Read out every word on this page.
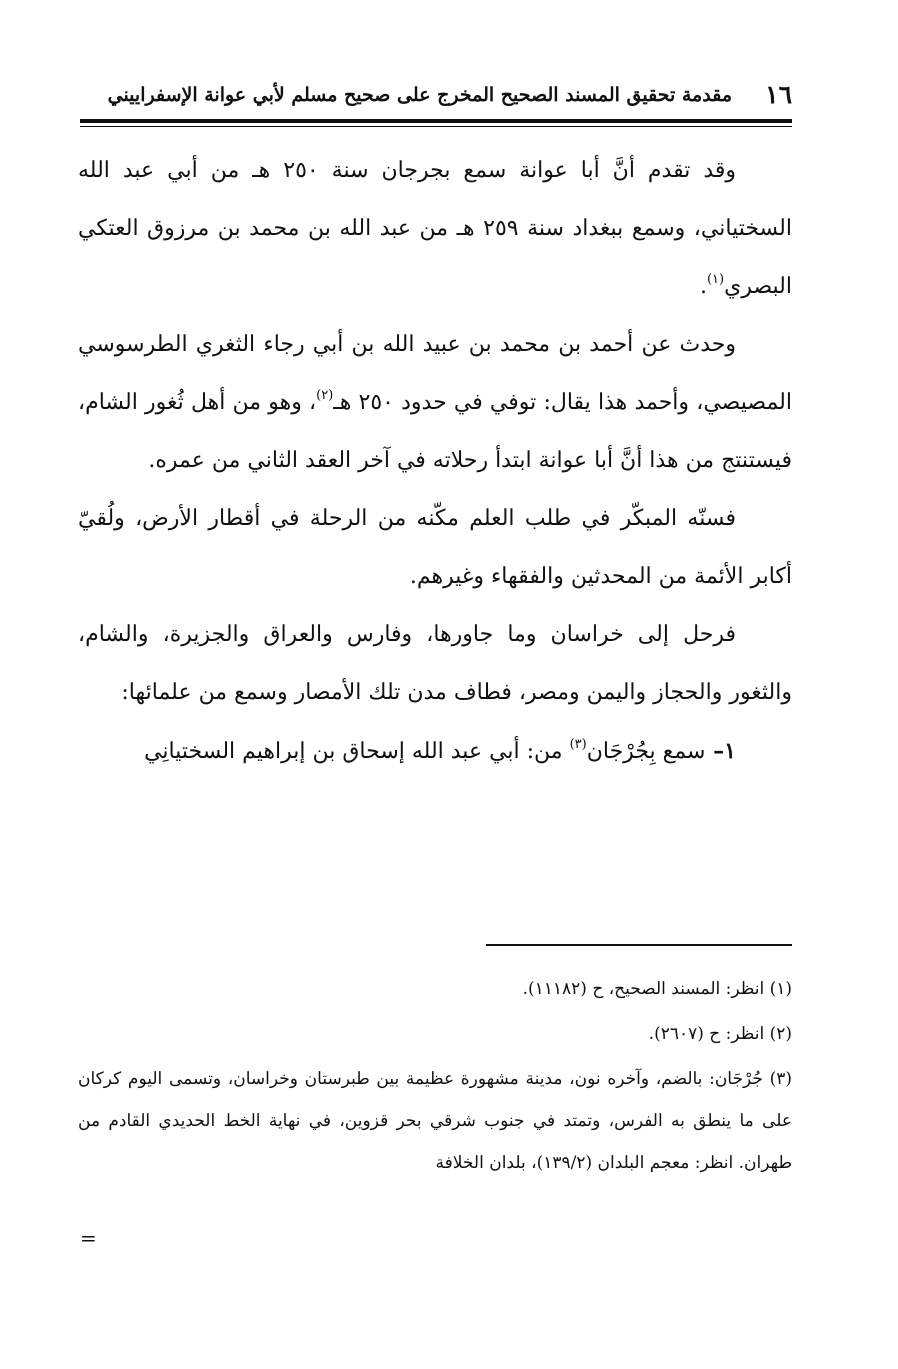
١٦
مقدمة تحقيق المسند الصحيح المخرج على صحيح مسلم لأبي عوانة الإسفراييني

وقد تقدم أنَّ أبا عوانة سمع بجرجان سنة ٢٥٠ هـ من أبي عبد الله السختياني، وسمع ببغداد سنة ٢٥٩ هـ من عبد الله بن محمد بن مرزوق العتكي البصري$^{(١)}$.

وحدث عن أحمد بن محمد بن عبيد الله بن أبي رجاء الثغري الطرسوسي المصيصي، وأحمد هذا يقال: توفي في حدود ٢٥٠ هـ$^{(٢)}$، وهو من أهل ثُغور الشام، فيستنتج من هذا أنَّ أبا عوانة ابتدأ رحلاته في آخر العقد الثاني من عمره.

فسنّه المبكّر في طلب العلم مكّنه من الرحلة في أقطار الأرض، ولُقيّ أكابر الأئمة من المحدثين والفقهاء وغيرهم.

فرحل إلى خراسان وما جاورها، وفارس والعراق والجزيرة، والشام، والثغور والحجاز واليمن ومصر، فطاف مدن تلك الأمصار وسمع من علمائها:

١– سمع بِجُرْجَان$^{(٣)}$ من: أبي عبد الله إسحاق بن إبراهيم السختيانِي

(١) انظر: المسند الصحيح، ح (١١١٨٢).

(٢) انظر: ح (٢٦٠٧).

(٣) جُرْجَان: بالضم، وآخره نون، مدينة مشهورة عظيمة بين طبرستان وخراسان، وتسمى اليوم كركان على ما ينطق به الفرس، وتمتد في جنوب شرقي بحر قزوين، في نهاية الخط الحديدي القادم من طهران. انظر: معجم البلدان (١٣٩/٢)، بلدان الخلافة

=
